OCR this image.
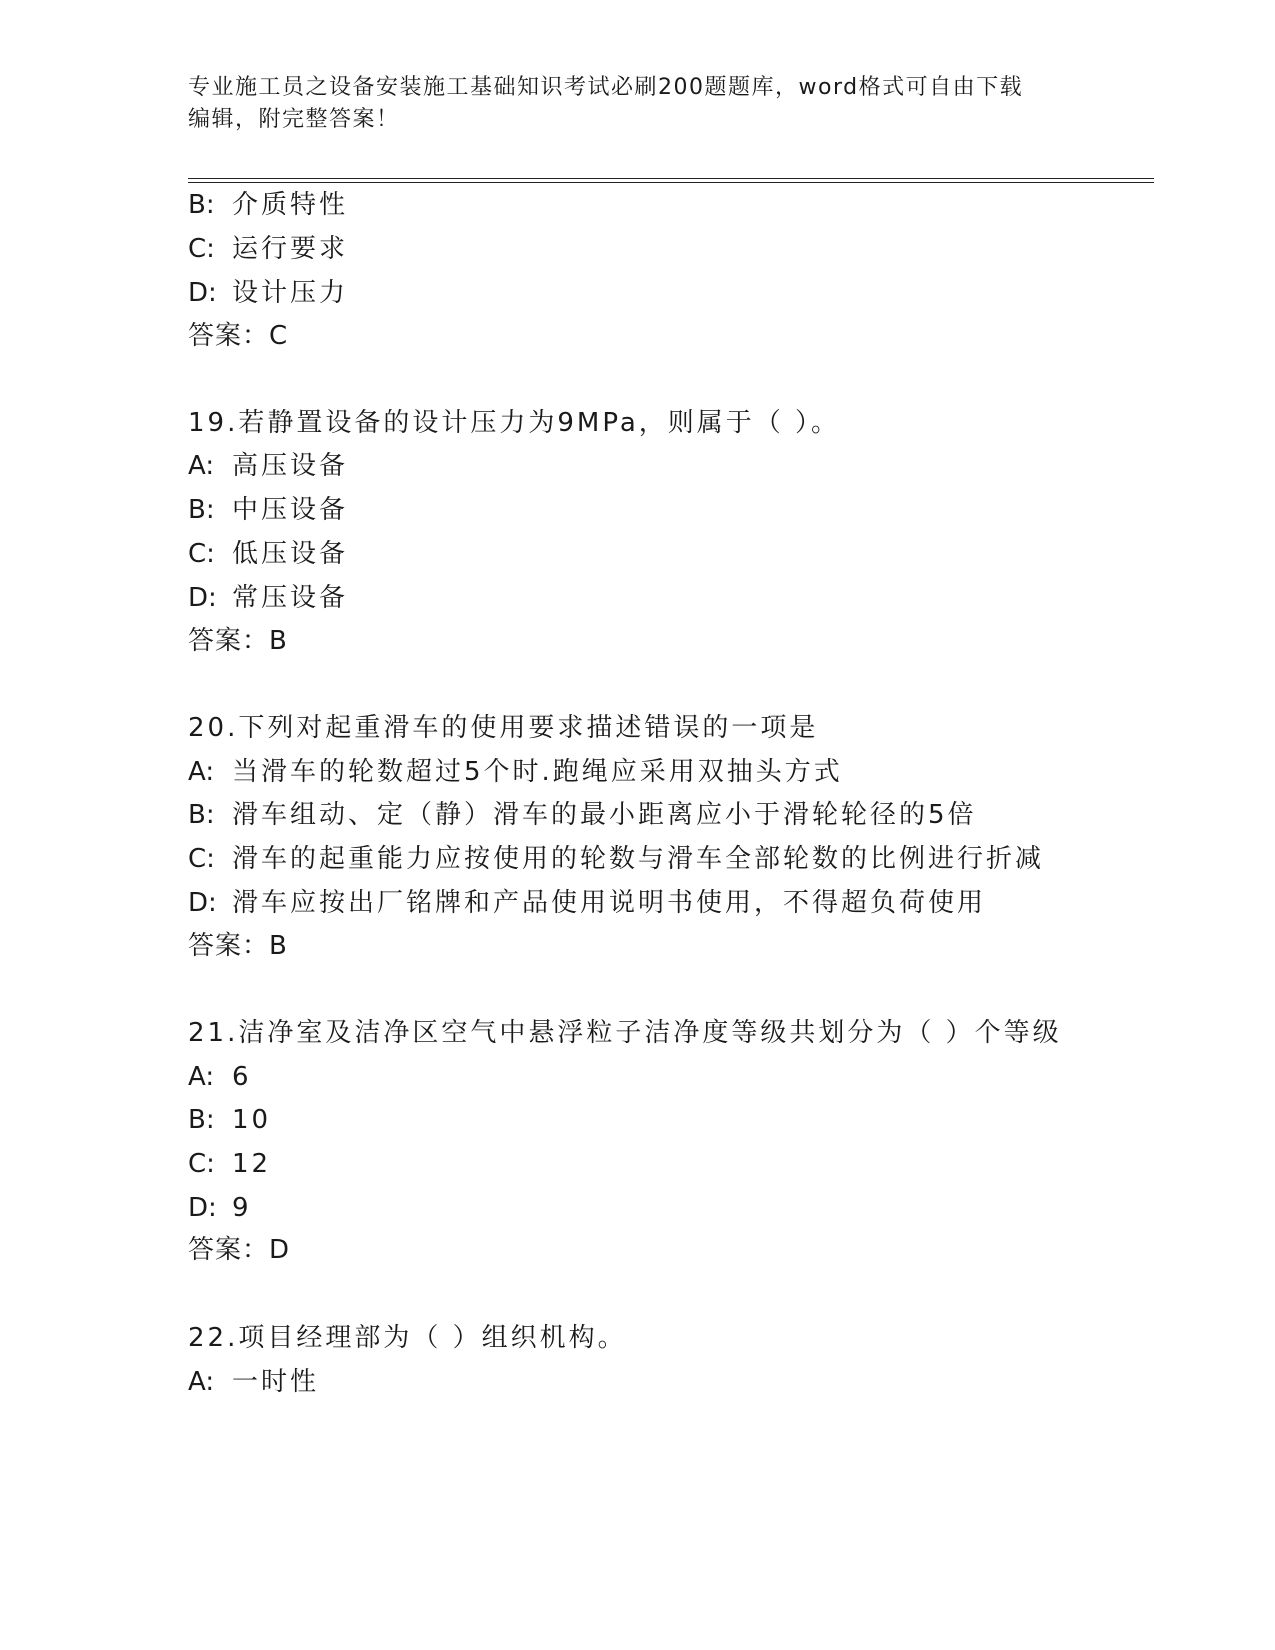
专业施工员之设备安装施工基础知识考试必刷200题题库，word格式可自由下载
编辑，附完整答案！
B: 介质特性
C: 运行要求
D: 设计压力
答案：C
19.若静置设备的设计压力为9MPa，则属于（ ）。
A: 高压设备
B: 中压设备
C: 低压设备
D: 常压设备
答案：B
20.下列对起重滑车的使用要求描述错误的一项是
A: 当滑车的轮数超过5个时.跑绳应采用双抽头方式
B: 滑车组动、定（静）滑车的最小距离应小于滑轮轮径的5倍
C: 滑车的起重能力应按使用的轮数与滑车全部轮数的比例进行折减
D: 滑车应按出厂铭牌和产品使用说明书使用，不得超负荷使用
答案：B
21.洁净室及洁净区空气中悬浮粒子洁净度等级共划分为（ ）个等级
A: 6
B: 10
C: 12
D: 9
答案：D
22.项目经理部为（ ）组织机构。
A: 一时性
